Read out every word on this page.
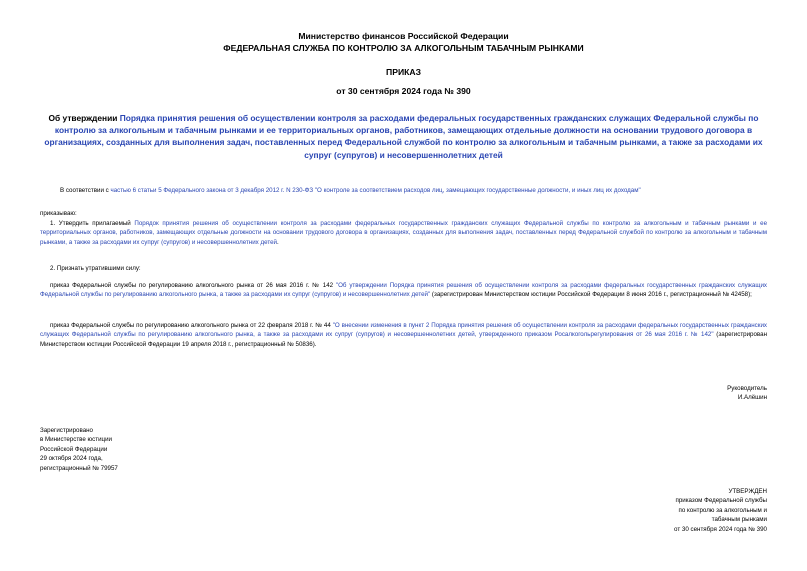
Министерство финансов Российской Федерации
ФЕДЕРАЛЬНАЯ СЛУЖБА ПО КОНТРОЛЮ ЗА АЛКОГОЛЬНЫМ ТАБАЧНЫМ РЫНКАМИ
ПРИКАЗ
от 30 сентября 2024 года № 390
Об утверждении Порядка принятия решения об осуществлении контроля за расходами федеральных государственных гражданских служащих Федеральной службы по контролю за алкогольным и табачным рынками и ее территориальных органов, работников, замещающих отдельные должности на основании трудового договора в организациях, созданных для выполнения задач, поставленных перед Федеральной службой по контролю за алкогольным и табачным рынками, а также за расходами их супруг (супругов) и несовершеннолетних детей
В соответствии с частью 6 статьи 5 Федерального закона от 3 декабря 2012 г. N 230-ФЗ "О контроле за соответствием расходов лиц, замещающих государственные должности, и иных лиц их доходам"
приказываю:
1. Утвердить прилагаемый Порядок принятия решения об осуществлении контроля за расходами федеральных государственных гражданских служащих Федеральной службы по контролю за алкогольным и табачным рынками и ее территориальных органов, работников, замещающих отдельные должности на основании трудового договора в организациях, созданных для выполнения задач, поставленных перед Федеральной службой по контролю за алкогольным и табачным рынками, а также за расходами их супруг (супругов) и несовершеннолетних детей.
2. Признать утратившими силу:
приказ Федеральной службы по регулированию алкогольного рынка от 26 мая 2016 г. № 142 "Об утверждении Порядка принятия решения об осуществлении контроля за расходами федеральных государственных гражданских служащих Федеральной службы по регулированию алкогольного рынка, а также за расходами их супруг (супругов) и несовершеннолетних детей" (зарегистрирован Министерством юстиции Российской Федерации 8 июня 2016 г., регистрационный № 42458);
приказ Федеральной службы по регулированию алкогольного рынка от 22 февраля 2018 г. № 44 "О внесении изменения в пункт 2 Порядка принятия решения об осуществлении контроля за расходами федеральных государственных гражданских служащих Федеральной службы по регулированию алкогольного рынка, а также за расходами их супруг (супругов) и несовершеннолетних детей, утвержденного приказом Росалкогольрегулирования от 26 мая 2016 г. № 142" (зарегистрирован Министерством юстиции Российской Федерации 19 апреля 2018 г., регистрационный № 50836).
Руководитель
И.Алёшин
Зарегистрировано
в Министерстве юстиции
Российской Федерации
29 октября 2024 года,
регистрационный № 79957
УТВЕРЖДЕН
приказом Федеральной службы
по контролю за алкогольным и
табачным рынками
от 30 сентября 2024 года № 390
